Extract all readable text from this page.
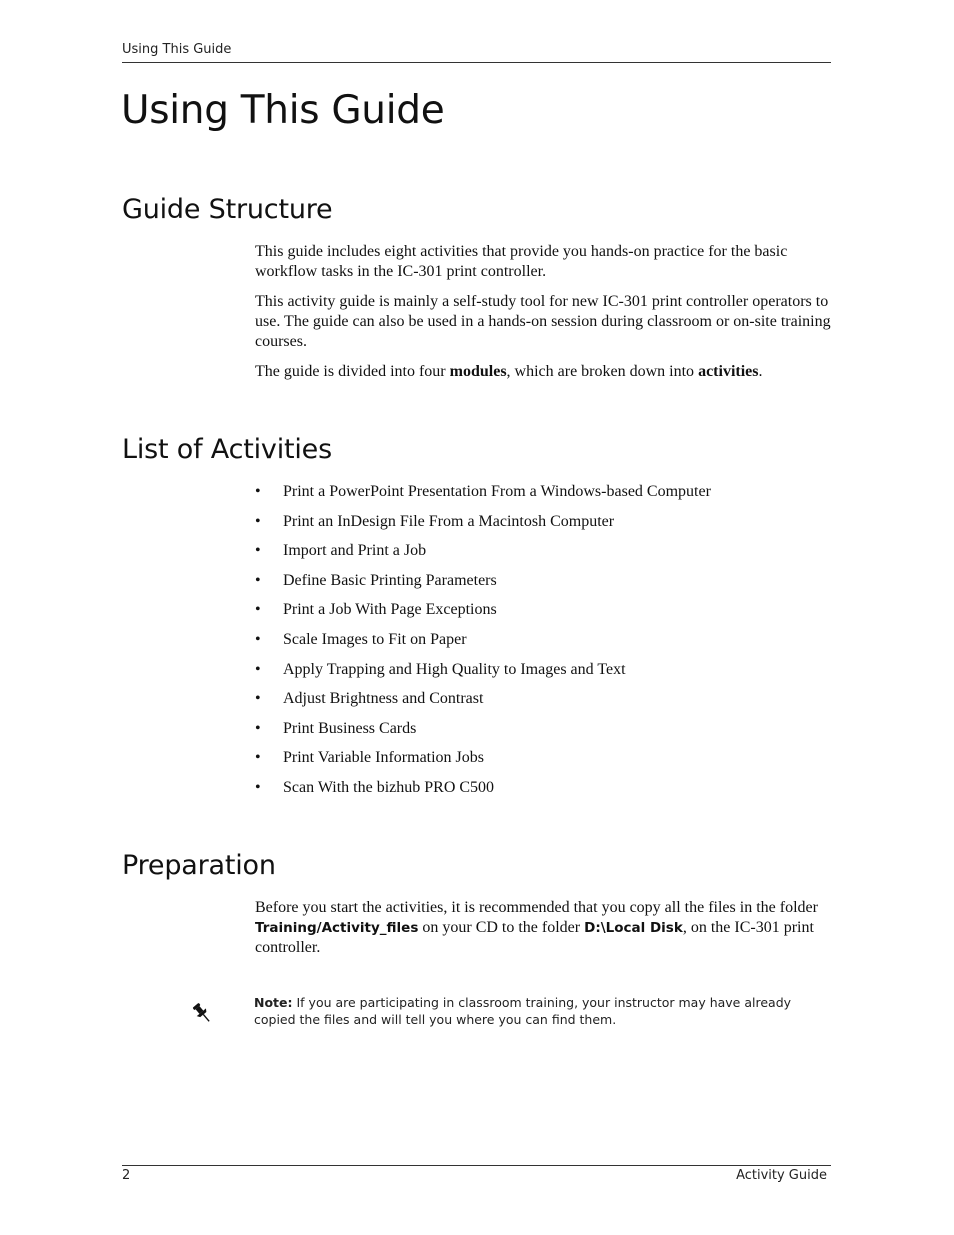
Using This Guide
Using This Guide
Guide Structure

This guide includes eight activities that provide you hands-on practice for the basic workflow tasks in the IC-301 print controller.

This activity guide is mainly a self-study tool for new IC-301 print controller operators to use. The guide can also be used in a hands-on session during classroom or on-site training courses.

The guide is divided into four modules, which are broken down into activities.

List of Activities
• Print a PowerPoint Presentation From a Windows-based Computer
• Print an InDesign File From a Macintosh Computer
• Import and Print a Job
• Define Basic Printing Parameters
• Print a Job With Page Exceptions
• Scale Images to Fit on Paper
• Apply Trapping and High Quality to Images and Text
• Adjust Brightness and Contrast
• Print Business Cards
• Print Variable Information Jobs
• Scan With the bizhub PRO C500
Preparation

Before you start the activities, it is recommended that you copy all the files in the folder Training/Activity_files on your CD to the folder D:\Local Disk, on the IC-301 print controller.

Note: If you are participating in classroom training, your instructor may have already copied the files and will tell you where you can find them.
2	Activity Guide
